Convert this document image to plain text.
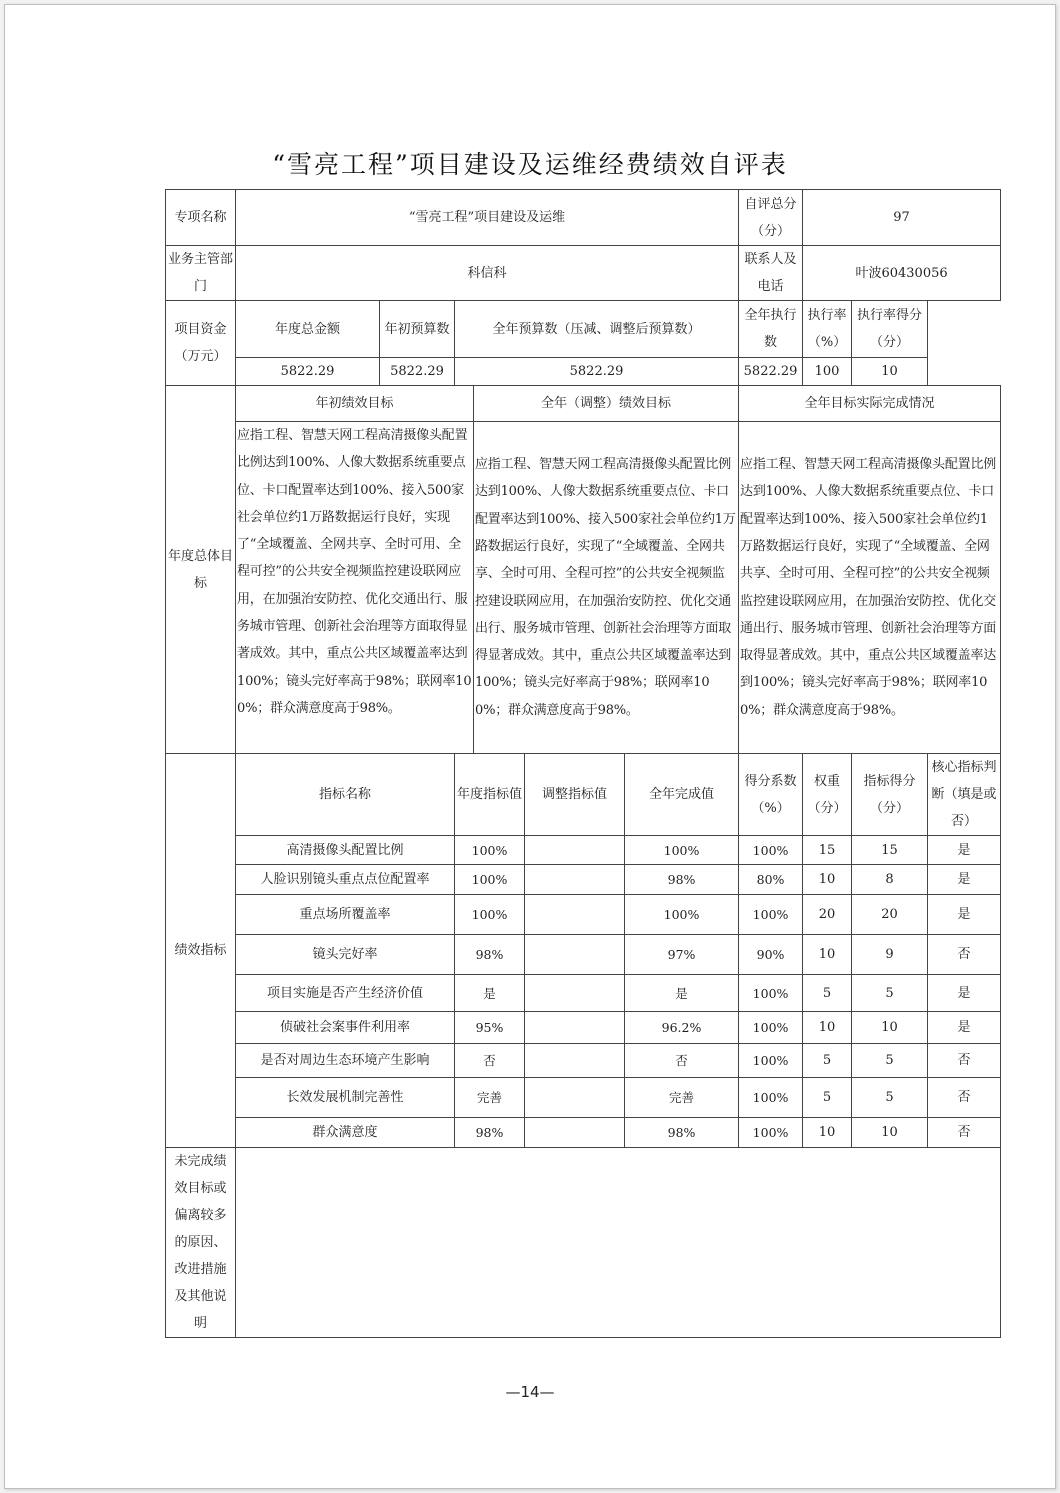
“雪亮工程”项目建设及运维经费绩效自评表
专项名称	“雪亮工程”项目建设及运维						自评总分（分）	97		
业务主管部门	科信科						联系人及电话	叶波60430056		
项目资金（万元）	年度总金额	年初预算数	全年预算数（压减、调整后预算数）				全年执行数	执行率（%）	执行率得分（分）	
	5822.29	5822.29	5822.29				5822.29	100	10	
年度总体目标	年初绩效目标			全年（调整）绩效目标			全年目标实际完成情况			
	应指工程、智慧天网工程高清摄像头配置比例达到100%、人像大数据系统重要点位、卡口配置率达到100%、接入500家社会单位约1万路数据运行良好，实现了“全域覆盖、全网共享、全时可用、全程可控”的公共安全视频监控建设联网应用，在加强治安防控、优化交通出行、服务城市管理、创新社会治理等方面取得显著成效。其中，重点公共区域覆盖率达到100%；镜头完好率高于98%；联网率100%；群众满意度高于98%。			应指工程、智慧天网工程高清摄像头配置比例达到100%、人像大数据系统重要点位、卡口配置率达到100%、接入500家社会单位约1万路数据运行良好，实现了“全域覆盖、全网共享、全时可用、全程可控”的公共安全视频监控建设联网应用，在加强治安防控、优化交通出行、服务城市管理、创新社会治理等方面取得显著成效。其中，重点公共区域覆盖率达到100%；镜头完好率高于98%；联网率100%；群众满意度高于98%。			应指工程、智慧天网工程高清摄像头配置比例达到100%、人像大数据系统重要点位、卡口配置率达到100%、接入500家社会单位约1万路数据运行良好，实现了“全域覆盖、全网共享、全时可用、全程可控”的公共安全视频监控建设联网应用，在加强治安防控、优化交通出行、服务城市管理、创新社会治理等方面取得显著成效。其中，重点公共区域覆盖率达到100%；镜头完好率高于98%；联网率100%；群众满意度高于98%。			
绩效指标	指标名称		年度指标值		调整指标值	全年完成值	得分系数（%）	权重（分）	指标得分（分）	核心指标判断（填是或否）
	高清摄像头配置比例		100%			100%	100%	15	15	是
	人脸识别镜头重点点位配置率		100%			98%	80%	10	8	是
	重点场所覆盖率		100%			100%	100%	20	20	是
	镜头完好率		98%			97%	90%	10	9	否
	项目实施是否产生经济价值		是			是	100%	5	5	是
	侦破社会案事件利用率		95%			96.2%	100%	10	10	是
	是否对周边生态环境产生影响		否			否	100%	5	5	否
	长效发展机制完善性		完善			完善	100%	5	5	否
	群众满意度		98%			98%	100%	10	10	否
未完成绩效目标或偏离较多的原因、改进措施及其他说明										
—14—
